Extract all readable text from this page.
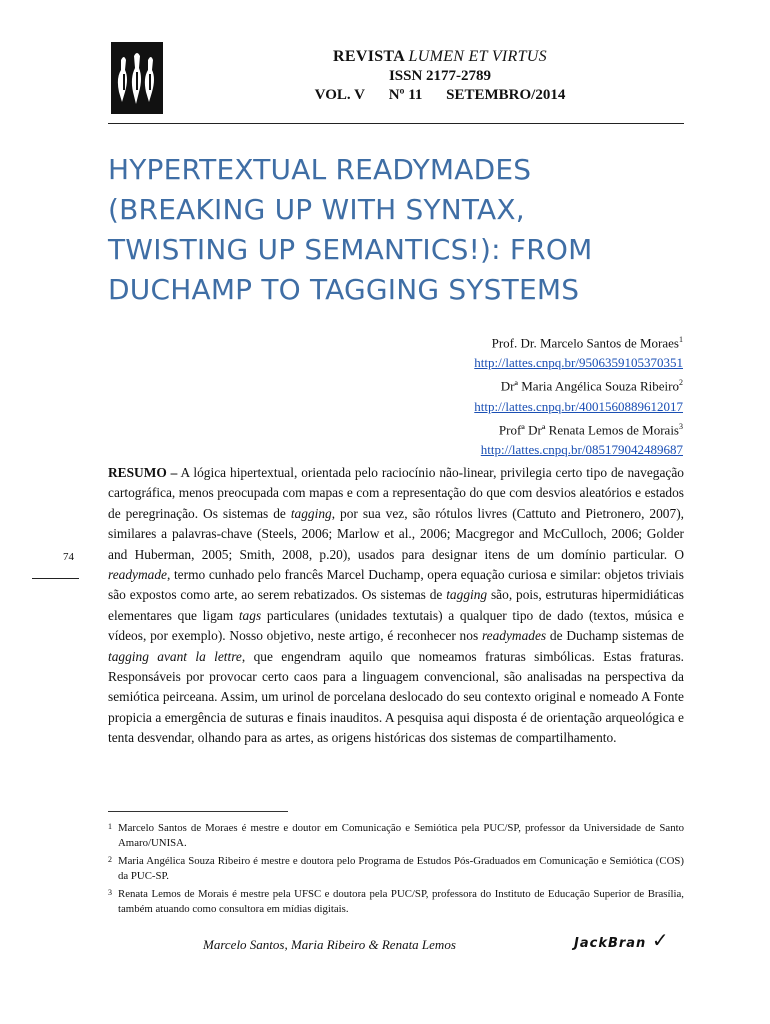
REVISTA LUMEN ET VIRTUS
ISSN 2177-2789
VOL. V Nº 11 SETEMBRO/2014
HYPERTEXTUAL READYMADES (BREAKING UP WITH SYNTAX, TWISTING UP SEMANTICS!): FROM DUCHAMP TO TAGGING SYSTEMS
Prof. Dr. Marcelo Santos de Moraes$^1$
http://lattes.cnpq.br/9506359105370351
Drª Maria Angélica Souza Ribeiro$^2$
http://lattes.cnpq.br/4001560889612017
Profª Drª Renata Lemos de Morais$^3$
http://lattes.cnpq.br/085179042489687

RESUMO – A lógica hipertextual, orientada pelo raciocínio não-linear, privilegia certo tipo de navegação cartográfica, menos preocupada com mapas e com a representação do que com desvios aleatórios e estados de peregrinação. Os sistemas de tagging, por sua vez, são rótulos livres (Cattuto and Pietronero, 2007), similares a palavras-chave (Steels, 2006; Marlow et al., 2006; Macgregor and McCulloch, 2006; Golder and Huberman, 2005; Smith, 2008, p.20), usados para designar itens de um domínio particular. O readymade, termo cunhado pelo francês Marcel Duchamp, opera equação curiosa e similar: objetos triviais são expostos como arte, ao serem rebatizados. Os sistemas de tagging são, pois, estruturas hipermidiáticas elementares que ligam tags particulares (unidades textutais) a qualquer tipo de dado (textos, música e vídeos, por exemplo). Nosso objetivo, neste artigo, é reconhecer nos readymades de Duchamp sistemas de tagging avant la lettre, que engendram aquilo que nomeamos fraturas simbólicas. Estas fraturas. Responsáveis por provocar certo caos para a linguagem convencional, são analisadas na perspectiva da semiótica peirceana. Assim, um urinol de porcelana deslocado do seu contexto original e nomeado A Fonte propicia a emergência de suturas e finais inauditos. A pesquisa aqui disposta é de orientação arqueológica e tenta desvendar, olhando para as artes, as origens históricas dos sistemas de compartilhamento.

74
1 Marcelo Santos de Moraes é mestre e doutor em Comunicação e Semiótica pela PUC/SP, professor da Universidade de Santo Amaro/UNISA.
2 Maria Angélica Souza Ribeiro é mestre e doutora pelo Programa de Estudos Pós-Graduados em Comunicação e Semiótica (COS) da PUC-SP.
3 Renata Lemos de Morais é mestre pela UFSC e doutora pela PUC/SP, professora do Instituto de Educação Superior de Brasília, também atuando como consultora em mídias digitais.
Marcelo Santos, Maria Ribeiro & Renata Lemos	JackBran ✓
